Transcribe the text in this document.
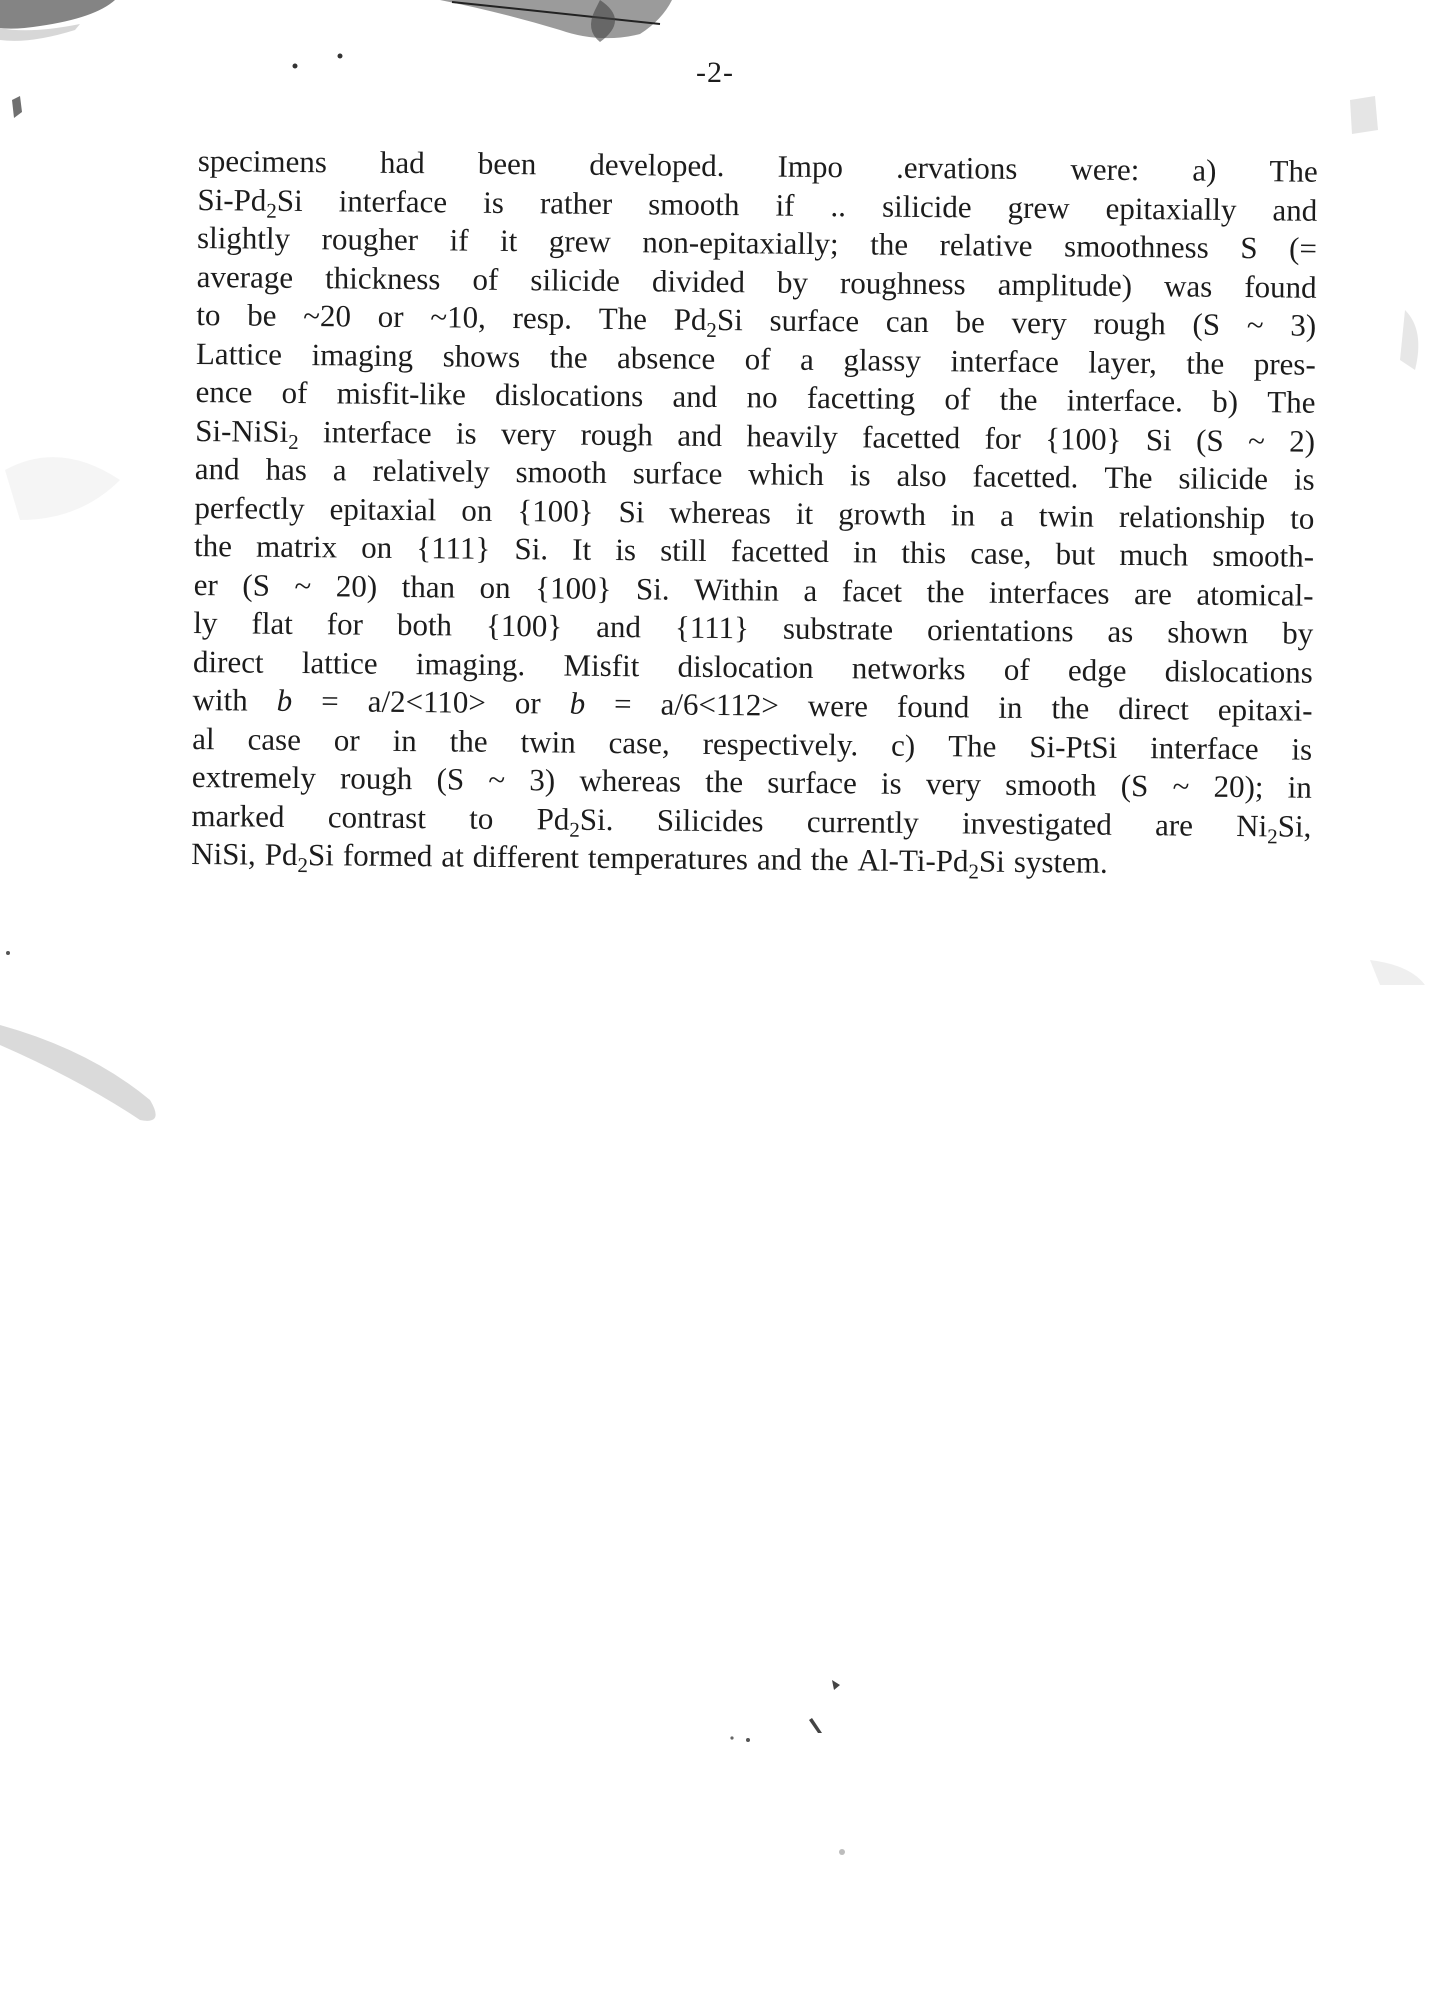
-2-
specimens had been developed. Impo .ervations were: a) The
$Si-Pd_2Si$ interface is rather smooth if .. silicide grew epitaxially and
slightly rougher if it grew non-epitaxially; the relative smoothness S (=
average thickness of silicide divided by roughness amplitude) was found
to be ~20 or ~10, resp. The $Pd_2Si$ surface can be very rough (S ~ 3)
Lattice imaging shows the absence of a glassy interface layer, the pres-
ence of misfit-like dislocations and no facetting of the interface. b) The
Si-NiSi$_2$ interface is very rough and heavily facetted for {100} Si (S ~ 2)
and has a relatively smooth surface which is also facetted. The silicide is
perfectly epitaxial on {100} Si whereas it growth in a twin relationship to
the matrix on {111} Si. It is still facetted in this case, but much smooth-
er (S ~ 20) than on {100} Si. Within a facet the interfaces are atomical-
ly flat for both {100} and {111} substrate orientations as shown by
direct lattice imaging. Misfit dislocation networks of edge dislocations
with b = a/2<110> or b = a/6<112> were found in the direct epitaxi-
al case or in the twin case, respectively. c) The Si-PtSi interface is
extremely rough (S ~ 3) whereas the surface is very smooth (S ~ 20); in
marked contrast to $Pd_2Si$. Silicides currently investigated are $Ni_2Si$,
NiSi, $Pd_2Si$ formed at different temperatures and the $Al-Ti-Pd_2Si$ system.
